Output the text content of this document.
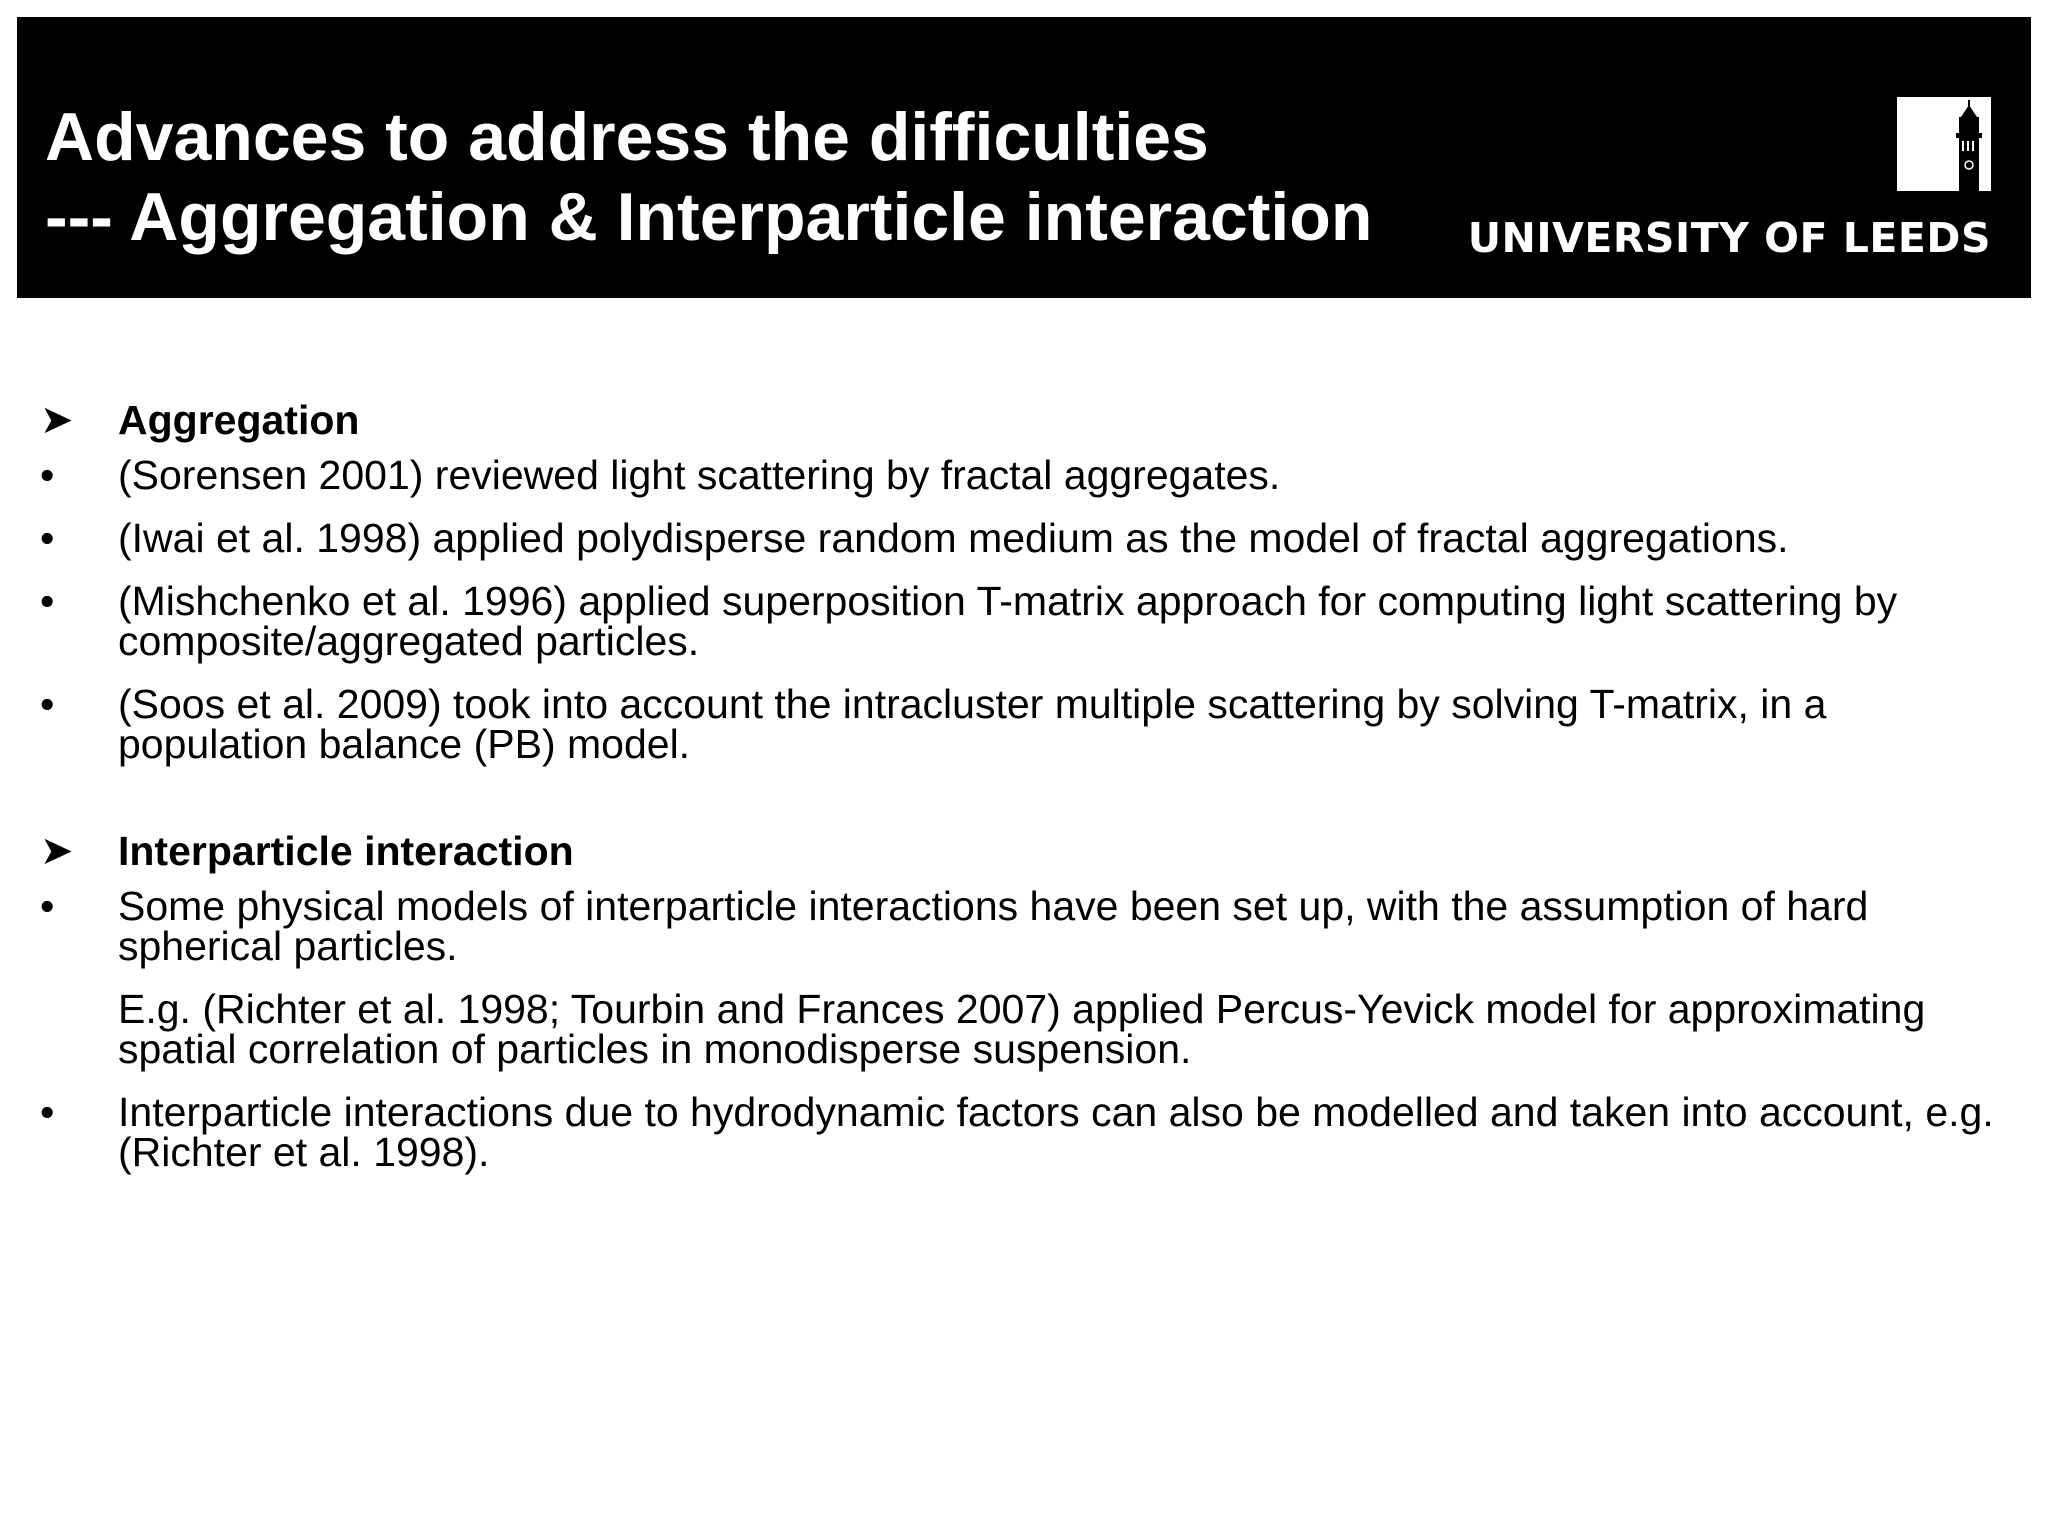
Advances to address the difficulties
--- Aggregation & Interparticle interaction UNIVERSITY OF LEEDS
➤ Aggregation
• (Sorensen 2001) reviewed light scattering by fractal aggregates.
• (Iwai et al. 1998) applied polydisperse random medium as the model of fractal aggregations.
• (Mishchenko et al. 1996) applied superposition T-matrix approach for computing light scattering by composite/aggregated particles.
• (Soos et al. 2009) took into account the intracluster multiple scattering by solving T-matrix, in a population balance (PB) model.
➤ Interparticle interaction
• Some physical models of interparticle interactions have been set up, with the assumption of hard spherical particles.
E.g. (Richter et al. 1998; Tourbin and Frances 2007) applied Percus-Yevick model for approximating spatial correlation of particles in monodisperse suspension.
• Interparticle interactions due to hydrodynamic factors can also be modelled and taken into account, e.g. (Richter et al. 1998).
